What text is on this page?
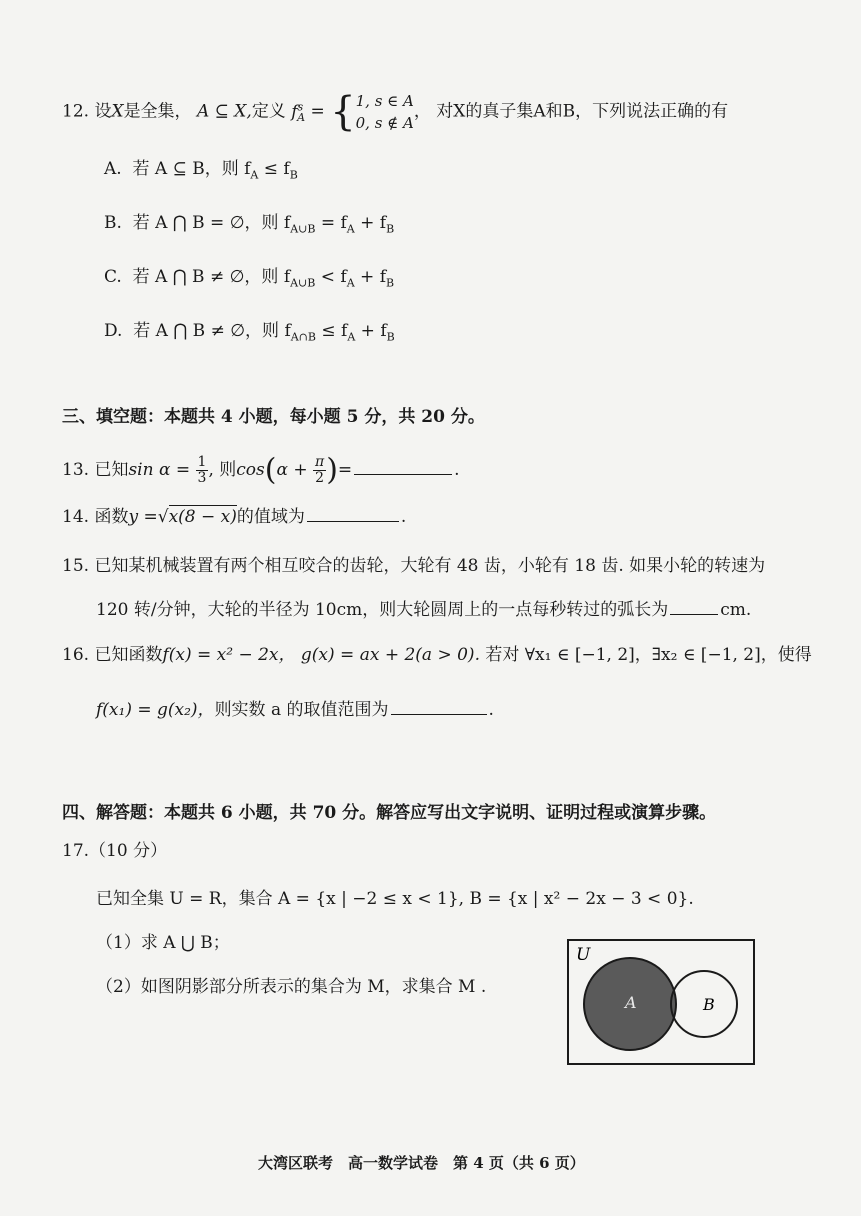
12. 设X是全集， A ⊆ X,定义 $f^s_A$ = { 1, s ∈ A
0, s ∉ A
， 对X的真子集A和B，下列说法正确的有
A. 若 A ⊆ B，则 $f_A \le f_B$
B. 若 A ⋂ B = ∅，则 $f_{A\cup B} = f_A + f_B$
C. 若 A ⋂ B ≠ ∅，则 $f_{A\cup B} < f_A + f_B$
D. 若 A ⋂ B ≠ ∅，则 $f_{A\cap B} \le f_A + f_B$
三、填空题：本题共 4 小题，每小题 5 分，共 20 分。
13. 已知$\sin \alpha = \frac{1}{3}$ , 则$\cos(\alpha + \frac{\pi}{2}$ )=	.
14. 函数y =√x(8 − x)的值域为	.
15. 已知某机械装置有两个相互咬合的齿轮，大轮有 48 齿，小轮有 18 齿. 如果小轮的转速为
120 转/分钟，大轮的半径为 10cm，则大轮圆周上的一点每秒转过的弧长为	cm.
16. 已知函数f(x) = x² − 2x， g(x) = ax + 2(a > 0). 若对 ∀x₁ ∈ [−1, 2]，∃x₂ ∈ [−1, 2]，使得
f(x₁) = g(x₂)，则实数 a 的取值范围为	.
四、解答题：本题共 6 小题，共 70 分。解答应写出文字说明、证明过程或演算步骤。
17.（10 分）
已知全集 U = R，集合 A = {x | −2 ≤ x < 1}, B = {x | x² − 2x − 3 < 0}.
（1）求 A ⋃ B；
（2）如图阴影部分所表示的集合为 M，求集合 M .
U
A	B
大湾区联考　高一数学试卷　第 4 页（共 6 页）
